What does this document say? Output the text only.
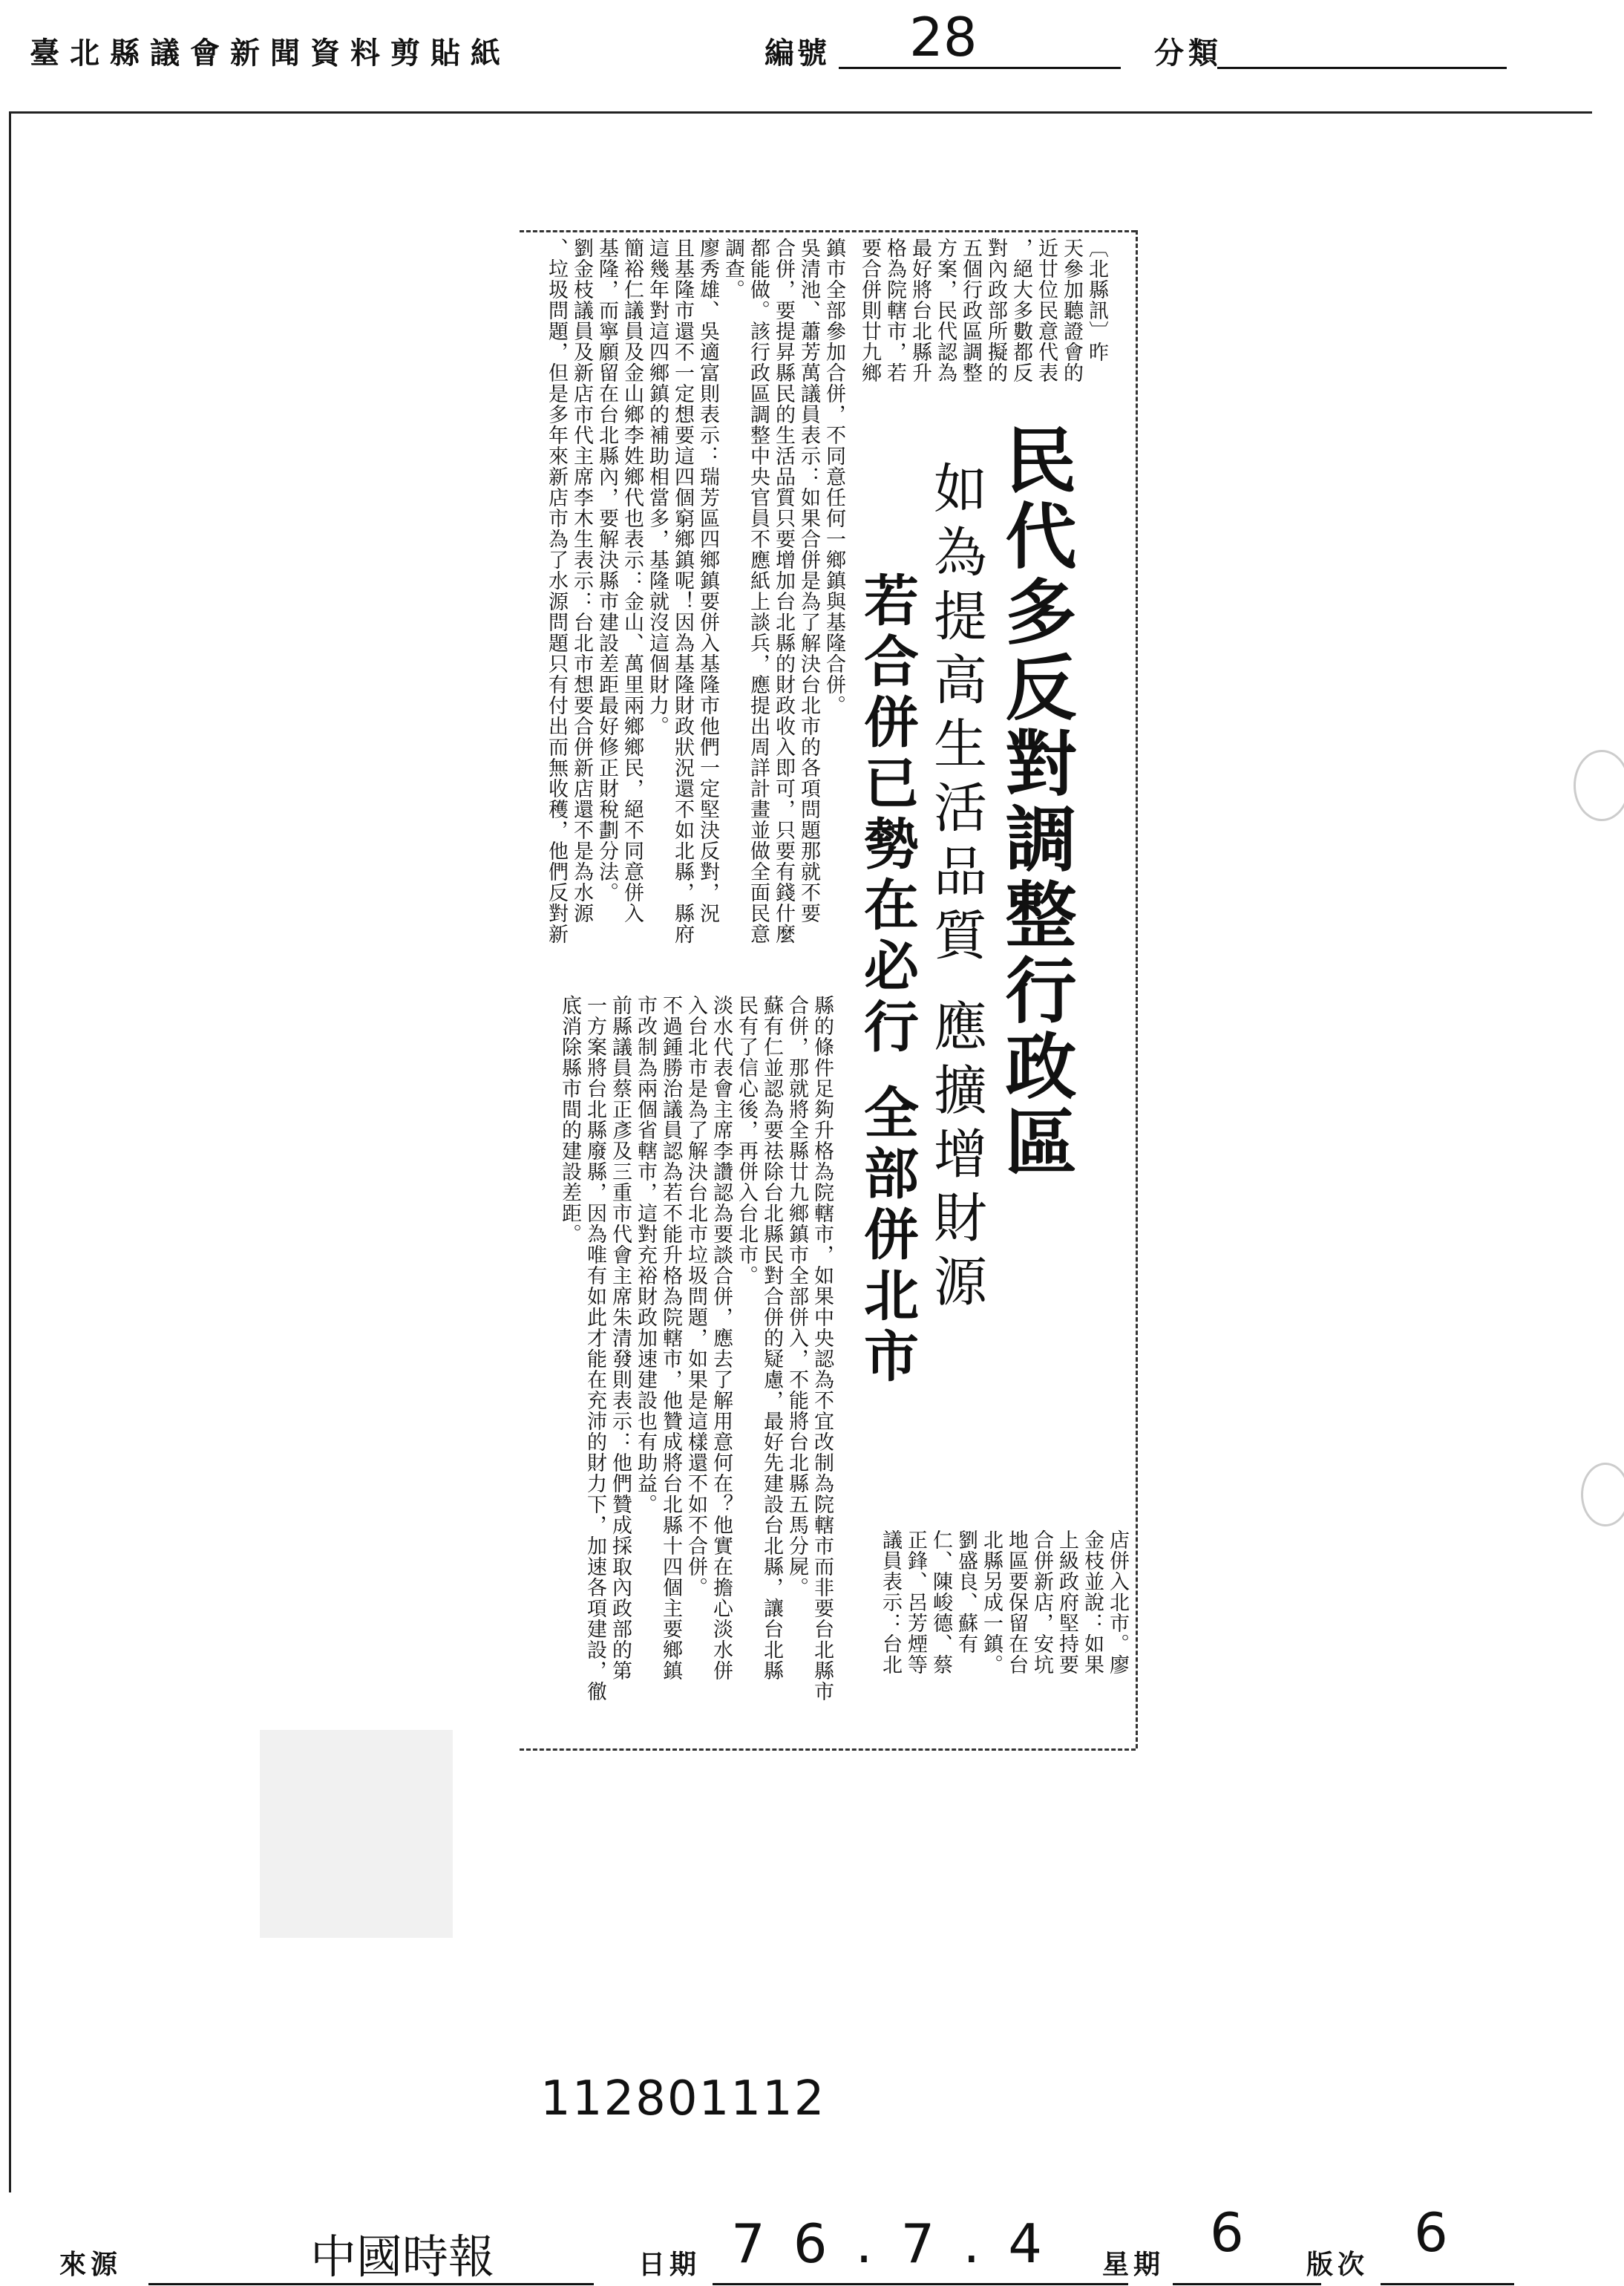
臺北縣議會新聞資料剪貼紙	編號 28	分類
民代多反對調整行政區
如為提高生活品質 應擴增財源
若合併已勢在必行 全部併北市
〔北縣訊〕昨
天參加聽證會的
近廿位民意代表
，絕大多數都反
對內政部所擬的
五個行政區調整
方案，民代認為
最好將台北縣升
格為院轄市，若
要合併則廿九鄉
鎮市全部參加合併，不同意任何一鄉鎮與基隆合併。
吳清池、蕭芳萬議員表示：如果合併是為了解決台北市的各項問題那就不要
合併，要提昇縣民的生活品質只要增加台北縣的財政收入即可，只要有錢什麼
都能做。該行政區調整中央官員不應紙上談兵，應提出周詳計畫並做全面民意
調查。
廖秀雄、吳適富則表示：瑞芳區四鄉鎮要併入基隆市他們一定堅決反對，況
且基隆市還不一定想要這四個窮鄉鎮呢！因為基隆財政狀況還不如北縣，縣府
這幾年對這四鄉鎮的補助相當多，基隆就沒這個財力。
簡裕仁議員及金山鄉李姓鄉代也表示：金山、萬里兩鄉鄉民，絕不同意併入
基隆，而寧願留在台北縣內，要解決縣市建設差距最好修正財稅劃分法。
劉金枝議員及新店市代主席李木生表示：台北市想要合併新店還不是為水源
、垃圾問題，但是多年來新店市為了水源問題只有付出而無收穫，他們反對新
店併入北市。廖
金枝並說：如果
上級政府堅持要
合併新店，安坑
地區要保留在台
北縣另成一鎮。
劉盛良、蘇有
仁、陳峻德、蔡
正鋒、呂芳煙等
議員表示：台北
縣的條件足夠升格為院轄市，如果中央認為不宜改制為院轄市而非要台北縣市
合併，那就將全縣廿九鄉鎮市全部併入，不能將台北縣五馬分屍。
蘇有仁並認為要祛除台北縣民對合併的疑慮，最好先建設台北縣，讓台北縣
民有了信心後，再併入台北市。
淡水代表會主席李讚認為要談合併，應去了解用意何在？他實在擔心淡水併
入台北市是為了解決台北市垃圾問題，如果是這樣還不如不合併。
不過鍾勝治議員認為若不能升格為院轄市，他贊成將台北縣十四個主要鄉鎮
市改制為兩個省轄市，這對充裕財政加速建設也有助益。
前縣議員蔡正彥及三重市代會主席朱清發則表示：他們贊成採取內政部的第
一方案將台北縣廢縣，因為唯有如此才能在充沛的財力下，加速各項建設，徹
底消除縣市間的建設差距。
112801112
來源	中國時報	日期 76.7.4 星期
6
版次
6
